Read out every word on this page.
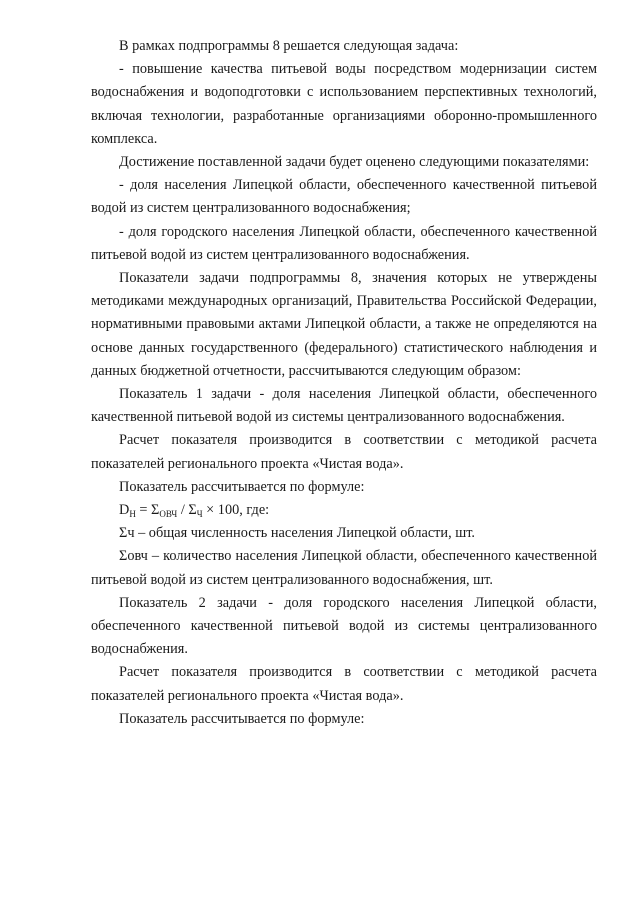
В рамках подпрограммы 8 решается следующая задача:

- повышение качества питьевой воды посредством модернизации систем водоснабжения и водоподготовки с использованием перспективных технологий, включая технологии, разработанные организациями оборонно-промышленного комплекса.

Достижение поставленной задачи будет оценено следующими показателями:

- доля населения Липецкой области, обеспеченного качественной питьевой водой из систем централизованного водоснабжения;

- доля городского населения Липецкой области, обеспеченного качественной питьевой водой из систем централизованного водоснабжения.

Показатели задачи подпрограммы 8, значения которых не утверждены методиками международных организаций, Правительства Российской Федерации, нормативными правовыми актами Липецкой области, а также не определяются на основе данных государственного (федерального) статистического наблюдения и данных бюджетной отчетности, рассчитываются следующим образом:

Показатель 1 задачи - доля населения Липецкой области, обеспеченного качественной питьевой водой из системы централизованного водоснабжения.

Расчет показателя производится в соответствии с методикой расчета показателей регионального проекта «Чистая вода».

Показатель рассчитывается по формуле:

$D_Н = \Sigma_{ОВЧ} / \Sigma_Ч \times 100$, где:

Σч – общая численность населения Липецкой области, шт.

Σовч – количество населения Липецкой области, обеспеченного качественной питьевой водой из систем централизованного водоснабжения, шт.

Показатель 2 задачи - доля городского населения Липецкой области, обеспеченного качественной питьевой водой из системы централизованного водоснабжения.

Расчет показателя производится в соответствии с методикой расчета показателей регионального проекта «Чистая вода».

Показатель рассчитывается по формуле:
